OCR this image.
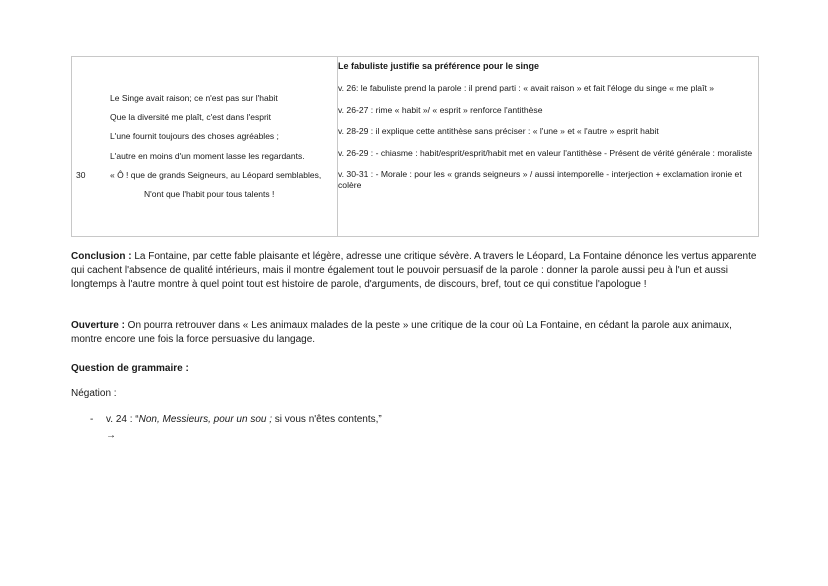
Le Singe avait raison; ce n'est pas sur l'habit
Que la diversité me plaît, c'est dans l'esprit
L'une fournit toujours des choses agréables ;
L'autre en moins d'un moment lasse les regardants.
30	« Ô ! que de grands Seigneurs, au Léopard semblables,
N'ont que l'habit pour tous talents !

Le fabuliste justifie sa préférence pour le singe

v. 26: le fabuliste prend la parole : il prend parti : « avait raison » et fait l'éloge du singe « me plaît »

v. 26-27 : rime « habit »/ « esprit » renforce l'antithèse

v. 28-29 : il explique cette antithèse sans préciser : « l'une » et « l'autre » esprit habit

v. 26-29 : - chiasme : habit/esprit/esprit/habit met en valeur l'antithèse - Présent de vérité générale : moraliste

v. 30-31 : - Morale : pour les « grands seigneurs » / aussi intemporelle - interjection + exclamation ironie et colère

Conclusion : La Fontaine, par cette fable plaisante et légère, adresse une critique sévère. A travers le Léopard, La Fontaine dénonce les vertus apparente qui cachent l'absence de qualité intérieurs, mais il montre également tout le pouvoir persuasif de la parole : donner la parole aussi peu à l'un et aussi longtemps à l'autre montre à quel point tout est histoire de parole, d'arguments, de discours, bref, tout ce qui constitue l'apologue !
Ouverture : On pourra retrouver dans « Les animaux malades de la peste » une critique de la cour où La Fontaine, en cédant la parole aux animaux, montre encore une fois la force persuasive du langage.
Question de grammaire :
Négation :
- v. 24 : “Non, Messieurs, pour un sou ; si vous n'êtes contents,”
→
